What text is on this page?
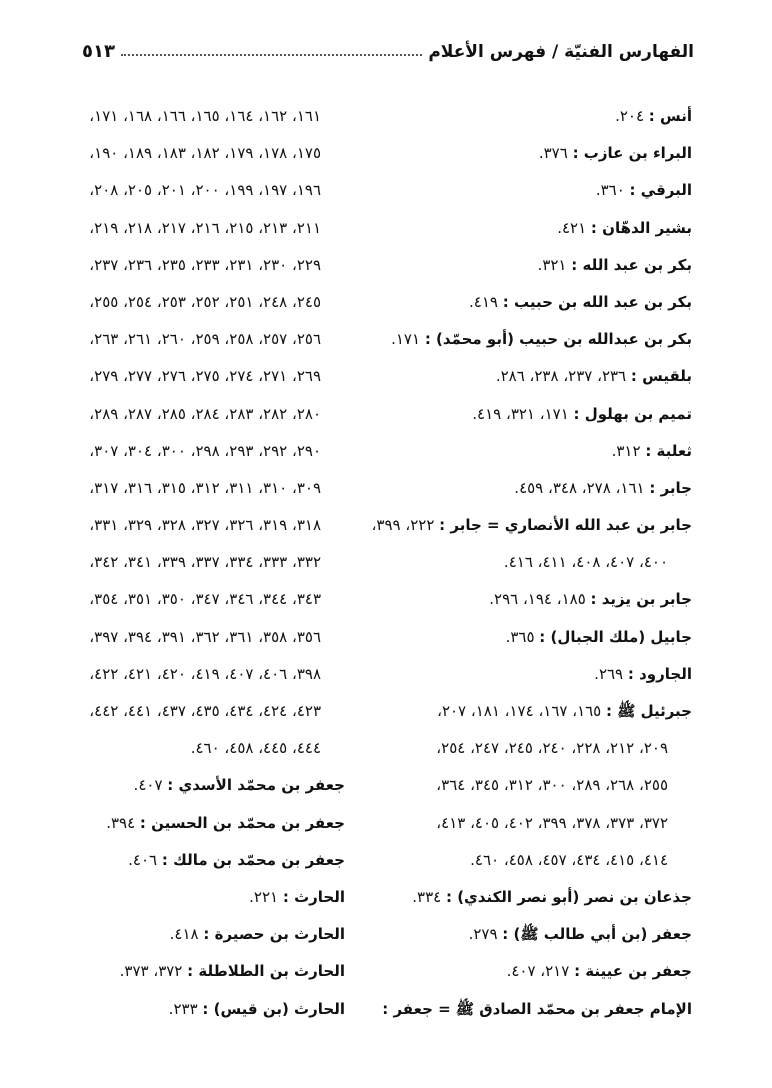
الفهارس الفنيّة / فهرس الأعلام
٥١٣
أنس : ٢٠٤.
البراء بن عازب : ٣٧٦.
البرقي : ٣٦٠.
بشير الدهّان : ٤٢١.
بكر بن عبد الله : ٣٢١.
بكر بن عبد الله بن حبيب : ٤١٩.
بكر بن عبدالله بن حبيب (أبو محمّد) : ١٧١.
بلقيس : ٢٣٦، ٢٣٧، ٢٣٨، ٢٨٦.
تميم بن بهلول : ١٧١، ٣٢١، ٤١٩.
ثعلبة : ٣١٢.
جابر : ١٦١، ٢٧٨، ٣٤٨، ٤٥٩.
جابر بن عبد الله الأنصاري = جابر : ٢٢٢، ٣٩٩،
٤٠٠، ٤٠٧، ٤٠٨، ٤١١، ٤١٦.
جابر بن يزيد : ١٨٥، ١٩٤، ٢٩٦.
جابيل (ملك الجبال) : ٣٦٥.
الجارود : ٢٦٩.
جبرئيل ﷺ : ١٦٥، ١٦٧، ١٧٤، ١٨١، ٢٠٧،
٢٠٩، ٢١٢، ٢٢٨، ٢٤٠، ٢٤٥، ٢٤٧، ٢٥٤،
٢٥٥، ٢٦٨، ٢٨٩، ٣٠٠، ٣١٢، ٣٤٥، ٣٦٤،
٣٧٢، ٣٧٣، ٣٧٨، ٣٩٩، ٤٠٢، ٤٠٥، ٤١٣،
٤١٤، ٤١٥، ٤٣٤، ٤٥٧، ٤٥٨، ٤٦٠.
جذعان بن نصر (أبو نصر الكندي) : ٣٣٤.
جعفر (بن أبي طالب ﷺ) : ٢٧٩.
جعفر بن عيينة : ٢١٧، ٤٠٧.
الإمام جعفر بن محمّد الصادق ﷺ = جعفر :
١٦١، ١٦٢، ١٦٤، ١٦٥، ١٦٦، ١٦٨، ١٧١،
١٧٥، ١٧٨، ١٧٩، ١٨٢، ١٨٣، ١٨٩، ١٩٠،
١٩٦، ١٩٧، ١٩٩، ٢٠٠، ٢٠١، ٢٠٥، ٢٠٨،
٢١١، ٢١٣، ٢١٥، ٢١٦، ٢١٧، ٢١٨، ٢١٩،
٢٢٩، ٢٣٠، ٢٣١، ٢٣٣، ٢٣٥، ٢٣٦، ٢٣٧،
٢٤٥، ٢٤٨، ٢٥١، ٢٥٢، ٢٥٣، ٢٥٤، ٢٥٥،
٢٥٦، ٢٥٧، ٢٥٨، ٢٥٩، ٢٦٠، ٢٦١، ٢٦٣،
٢٦٩، ٢٧١، ٢٧٤، ٢٧٥، ٢٧٦، ٢٧٧، ٢٧٩،
٢٨٠، ٢٨٢، ٢٨٣، ٢٨٤، ٢٨٥، ٢٨٧، ٢٨٩،
٢٩٠، ٢٩٢، ٢٩٣، ٢٩٨، ٣٠٠، ٣٠٤، ٣٠٧،
٣٠٩، ٣١٠، ٣١١، ٣١٢، ٣١٥، ٣١٦، ٣١٧،
٣١٨، ٣١٩، ٣٢٦، ٣٢٧، ٣٢٨، ٣٢٩، ٣٣١،
٣٣٢، ٣٣٣، ٣٣٤، ٣٣٧، ٣٣٩، ٣٤١، ٣٤٢،
٣٤٣، ٣٤٤، ٣٤٦، ٣٤٧، ٣٥٠، ٣٥١، ٣٥٤،
٣٥٦، ٣٥٨، ٣٦١، ٣٦٢، ٣٩١، ٣٩٤، ٣٩٧،
٣٩٨، ٤٠٦، ٤٠٧، ٤١٩، ٤٢٠، ٤٢١، ٤٢٢،
٤٢٣، ٤٢٤، ٤٣٤، ٤٣٥، ٤٣٧، ٤٤١، ٤٤٢،
٤٤٤، ٤٤٥، ٤٥٨، ٤٦٠.
جعفر بن محمّد الأسدي : ٤٠٧.
جعفر بن محمّد بن الحسين : ٣٩٤.
جعفر بن محمّد بن مالك : ٤٠٦.
الحارث : ٢٢١.
الحارث بن حصيرة : ٤١٨.
الحارث بن الطلاطلة : ٣٧٢، ٣٧٣.
الحارث (بن قيس) : ٢٣٣.
